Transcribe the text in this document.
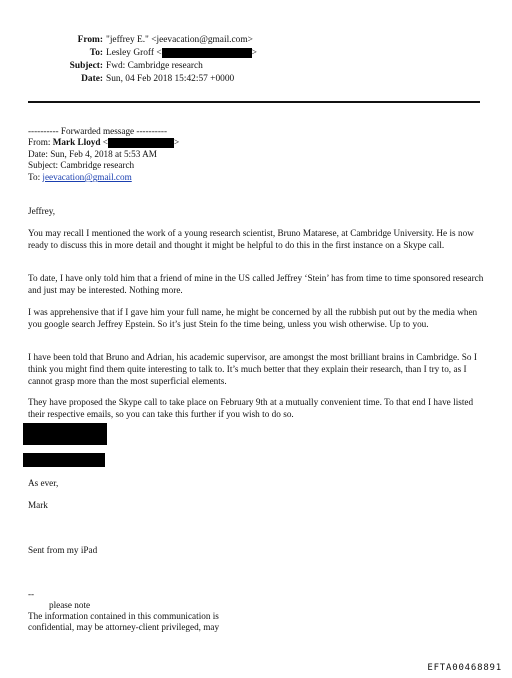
From: "jeffrey E." <jeevacation@gmail.com>
To: Lesley Groff <	>
Subject: Fwd: Cambridge research
Date: Sun, 04 Feb 2018 15:42:57 +0000
---------- Forwarded message ----------
From: Mark Lloyd <	>
Date: Sun, Feb 4, 2018 at 5:53 AM
Subject: Cambridge research
To: jeevacation@gmail.com
Jeffrey,

You may recall I mentioned the work of a young research scientist, Bruno Matarese, at Cambridge University. He is now ready to discuss this in more detail and thought it might be helpful to do this in the first instance on a Skype call.

To date, I have only told him that a friend of mine in the US called Jeffrey ‘Stein’ has from time to time sponsored research and just may be interested. Nothing more.

I was apprehensive that if I gave him your full name, he might be concerned by all the rubbish put out by the media when you google search Jeffrey Epstein. So it’s just Stein fo the time being, unless you wish otherwise. Up to you.

I have been told that Bruno and Adrian, his academic supervisor, are amongst the most brilliant brains in Cambridge. So I think you might find them quite interesting to talk to. It’s much better that they explain their research, than I try to, as I cannot grasp more than the most superficial elements.

They have proposed the Skype call to take place on February 9th at a mutually convenient time. To that end I have listed their respective emails, so you can take this further if you wish to do so.

As ever,
Mark
Sent from my iPad
--
please note
The information contained in this communication is
confidential, may be attorney-client privileged, may
EFTA00468891
